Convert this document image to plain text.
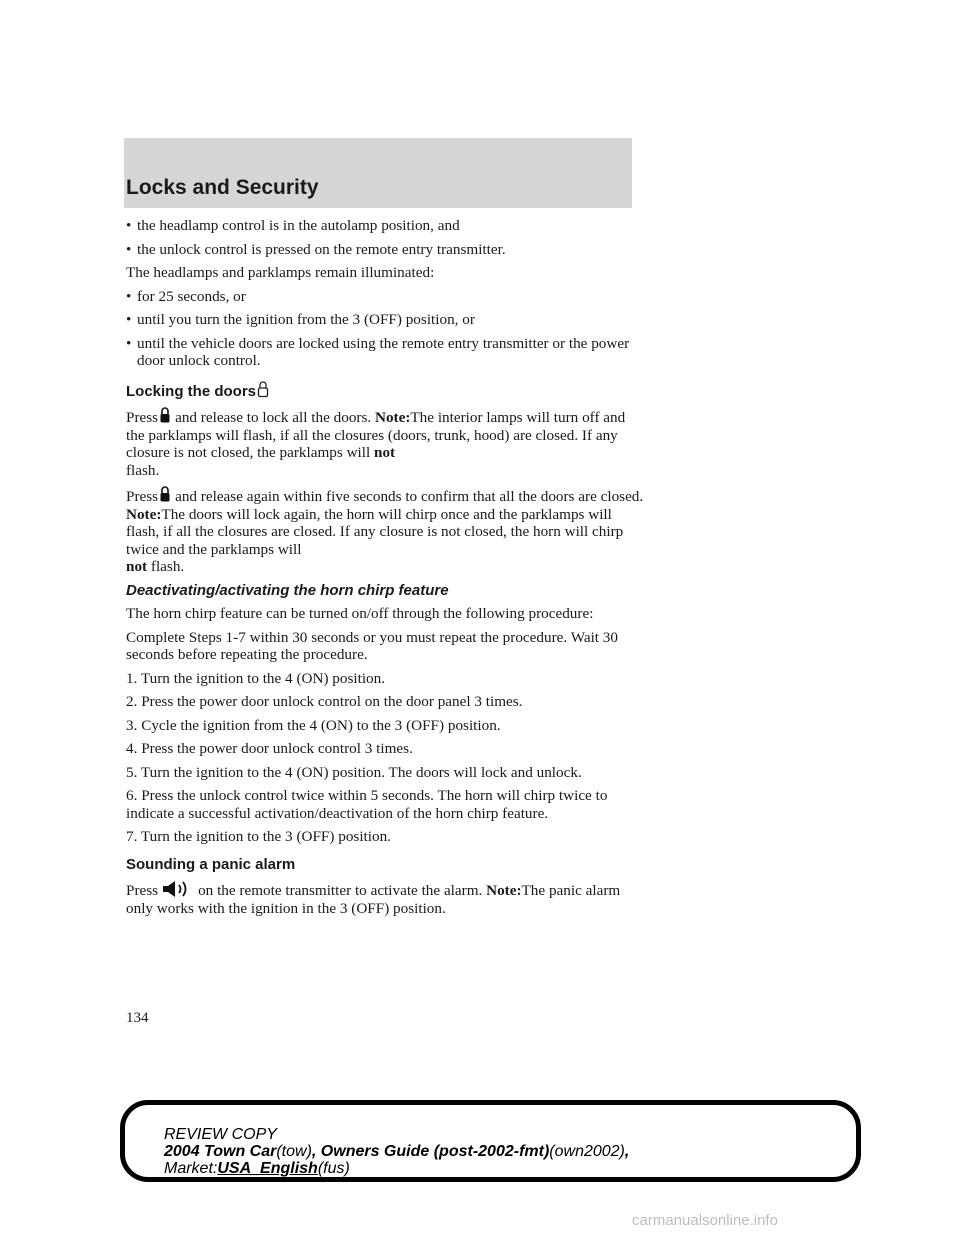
Locks and Security
• the headlamp control is in the autolamp position, and
• the unlock control is pressed on the remote entry transmitter.

The headlamps and parklamps remain illuminated:

• for 25 seconds, or
• until you turn the ignition from the 3 (OFF) position, or
• until the vehicle doors are locked using the remote entry transmitter or the power door unlock control.
Locking the doors

Press and release to lock all the doors. Note:The interior lamps will turn off and the parklamps will flash, if all the closures (doors, trunk, hood) are closed. If any closure is not closed, the parklamps will not
flash.

Press and release again within five seconds to confirm that all the doors are closed. Note:The doors will lock again, the horn will chirp once and the parklamps will flash, if all the closures are closed. If any closure is not closed, the horn will chirp twice and the parklamps will
not flash.

Deactivating/activating the horn chirp feature

The horn chirp feature can be turned on/off through the following procedure:

Complete Steps 1-7 within 30 seconds or you must repeat the procedure. Wait 30 seconds before repeating the procedure.

1. Turn the ignition to the 4 (ON) position.

2. Press the power door unlock control on the door panel 3 times.

3. Cycle the ignition from the 4 (ON) to the 3 (OFF) position.

4. Press the power door unlock control 3 times.

5. Turn the ignition to the 4 (ON) position. The doors will lock and unlock.

6. Press the unlock control twice within 5 seconds. The horn will chirp twice to indicate a successful activation/deactivation of the horn chirp feature.

7. Turn the ignition to the 3 (OFF) position.

Sounding a panic alarm

Press	on the remote transmitter to activate the alarm. Note:The panic alarm only works with the ignition in the 3 (OFF) position.

134
REVIEW COPY
2004 Town Car(tow), Owners Guide (post-2002-fmt)(own2002),
Market:USA_English(fus)
carmanualsonline.info
